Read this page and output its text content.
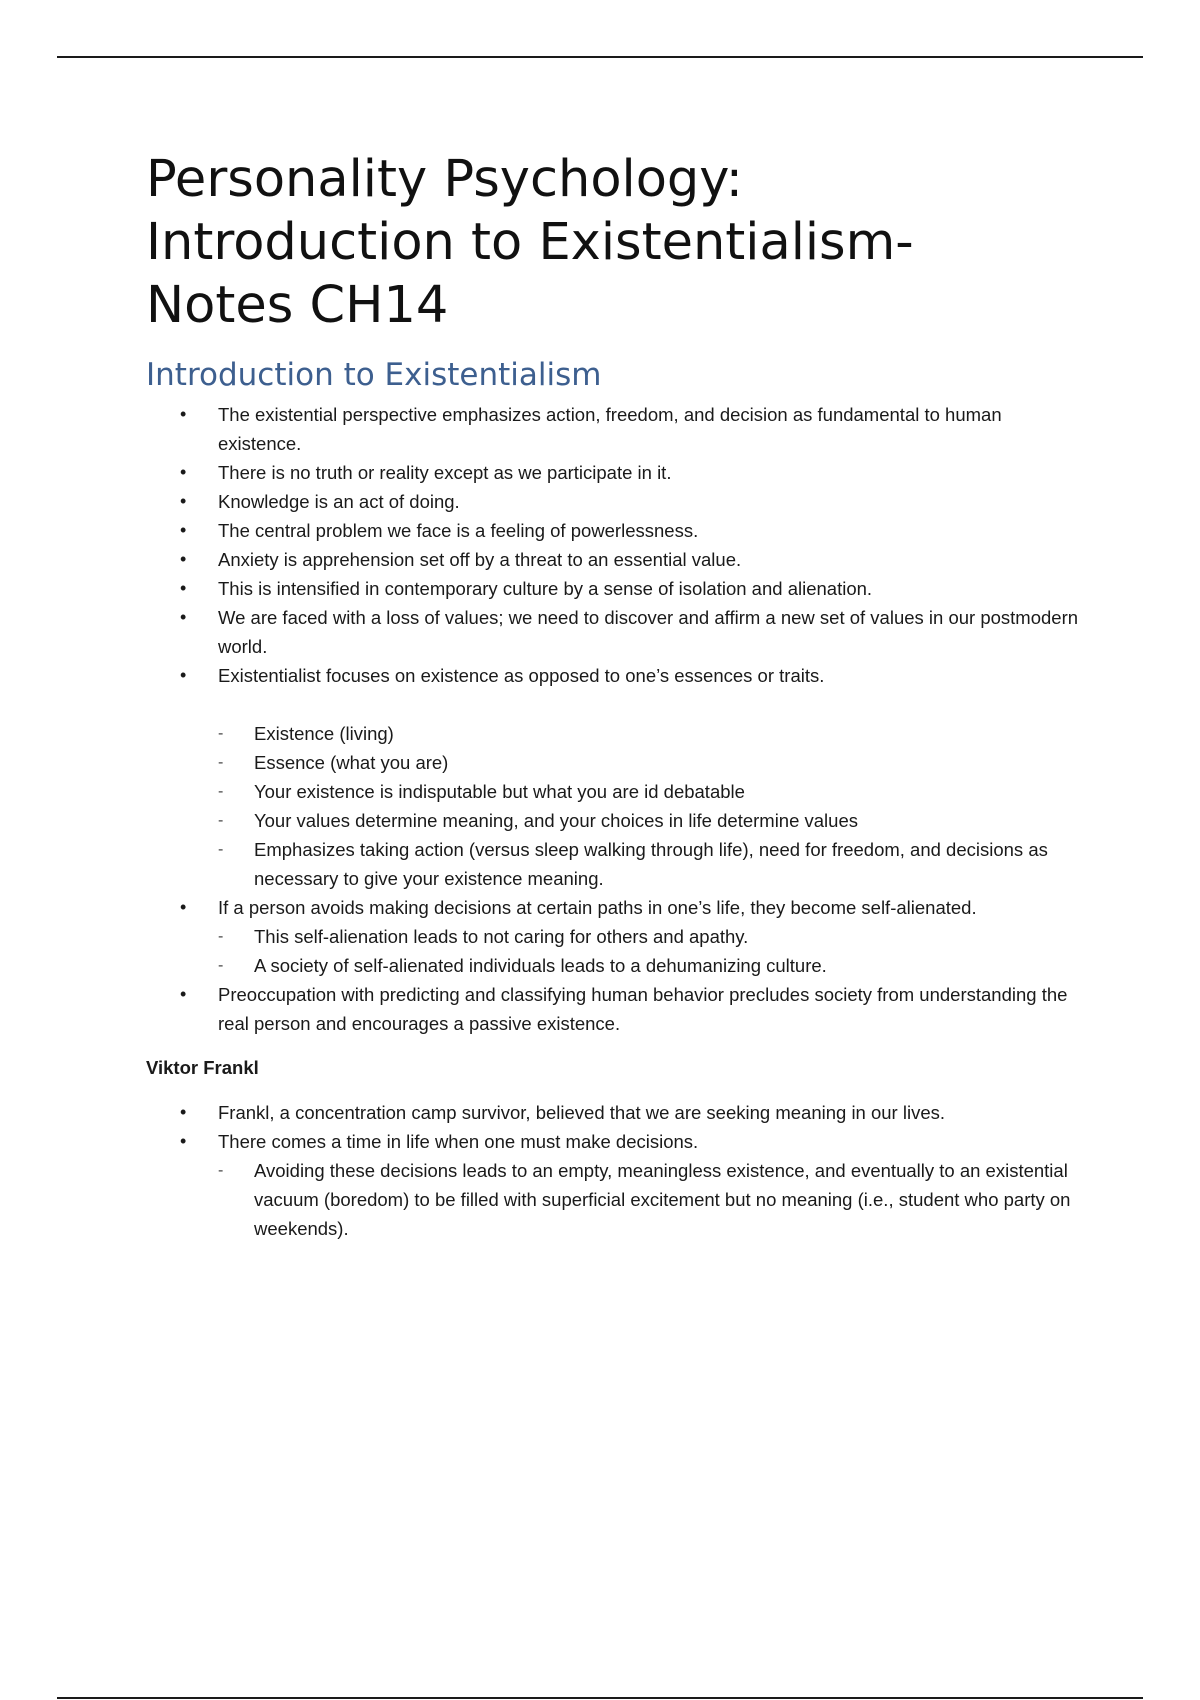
Personality Psychology:
Introduction to Existentialism-
Notes CH14
Introduction to Existentialism
• The existential perspective emphasizes action, freedom, and decision as fundamental to human existence.
• There is no truth or reality except as we participate in it.
• Knowledge is an act of doing.
• The central problem we face is a feeling of powerlessness.
• Anxiety is apprehension set off by a threat to an essential value.
• This is intensified in contemporary culture by a sense of isolation and alienation.
• We are faced with a loss of values; we need to discover and affirm a new set of values in our postmodern world.
• Existentialist focuses on existence as opposed to one’s essences or traits.
- Existence (living)
- Essence (what you are)
- Your existence is indisputable but what you are id debatable
- Your values determine meaning, and your choices in life determine values
- Emphasizes taking action (versus sleep walking through life), need for freedom, and decisions as necessary to give your existence meaning.
• If a person avoids making decisions at certain paths in one’s life, they become self-alienated.
- This self-alienation leads to not caring for others and apathy.
- A society of self-alienated individuals leads to a dehumanizing culture.
• Preoccupation with predicting and classifying human behavior precludes society from understanding the real person and encourages a passive existence.
Viktor Frankl
• Frankl, a concentration camp survivor, believed that we are seeking meaning in our lives.
• There comes a time in life when one must make decisions.
- Avoiding these decisions leads to an empty, meaningless existence, and eventually to an existential vacuum (boredom) to be filled with superficial excitement but no meaning (i.e., student who party on weekends).
